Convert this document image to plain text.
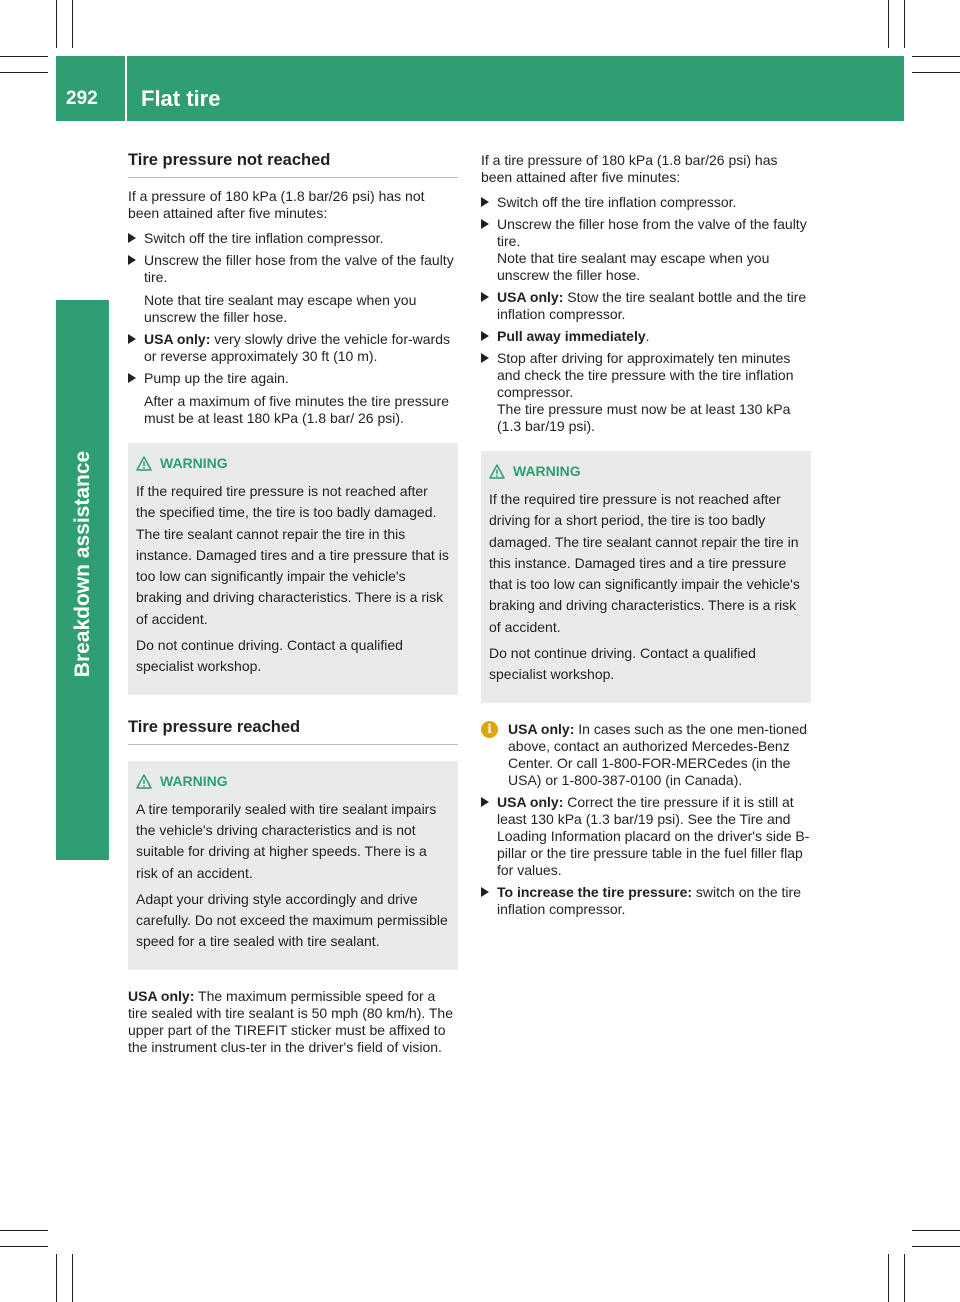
292 Flat tire
Breakdown assistance
Tire pressure not reached

If a pressure of 180 kPa (1.8 bar/26 psi) has not been attained after five minutes:

Switch off the tire inflation compressor.
Unscrew the filler hose from the valve of the faulty tire.
Note that tire sealant may escape when you unscrew the filler hose.
USA only: very slowly drive the vehicle for-wards or reverse approximately 30 ft (10 m).
Pump up the tire again.
After a maximum of five minutes the tire pressure must be at least 180 kPa (1.8 bar/ 26 psi).
WARNING

If the required tire pressure is not reached after the specified time, the tire is too badly damaged. The tire sealant cannot repair the tire in this instance. Damaged tires and a tire pressure that is too low can significantly impair the vehicle's braking and driving characteristics. There is a risk of accident.

Do not continue driving. Contact a qualified specialist workshop.

Tire pressure reached
WARNING

A tire temporarily sealed with tire sealant impairs the vehicle's driving characteristics and is not suitable for driving at higher speeds. There is a risk of an accident.

Adapt your driving style accordingly and drive carefully. Do not exceed the maximum permissible speed for a tire sealed with tire sealant.

USA only: The maximum permissible speed for a tire sealed with tire sealant is 50 mph (80 km/h). The upper part of the TIREFIT sticker must be affixed to the instrument clus-ter in the driver's field of vision.

If a tire pressure of 180 kPa (1.8 bar/26 psi) has been attained after five minutes:

Switch off the tire inflation compressor.
Unscrew the filler hose from the valve of the faulty tire.
Note that tire sealant may escape when you unscrew the filler hose.
USA only: Stow the tire sealant bottle and the tire inflation compressor.
Pull away immediately.
Stop after driving for approximately ten minutes and check the tire pressure with the tire inflation compressor.
The tire pressure must now be at least 130 kPa (1.3 bar/19 psi).
WARNING

If the required tire pressure is not reached after driving for a short period, the tire is too badly damaged. The tire sealant cannot repair the tire in this instance. Damaged tires and a tire pressure that is too low can significantly impair the vehicle's braking and driving characteristics. There is a risk of accident.

Do not continue driving. Contact a qualified specialist workshop.

i	USA only: In cases such as the one men-tioned above, contact an authorized Mercedes-Benz Center. Or call 1-800-FOR-MERCedes (in the USA) or 1-800-387-0100 (in Canada).
USA only: Correct the tire pressure if it is still at least 130 kPa (1.3 bar/19 psi). See the Tire and Loading Information placard on the driver's side B-pillar or the tire pressure table in the fuel filler flap for values.
To increase the tire pressure: switch on the tire inflation compressor.
